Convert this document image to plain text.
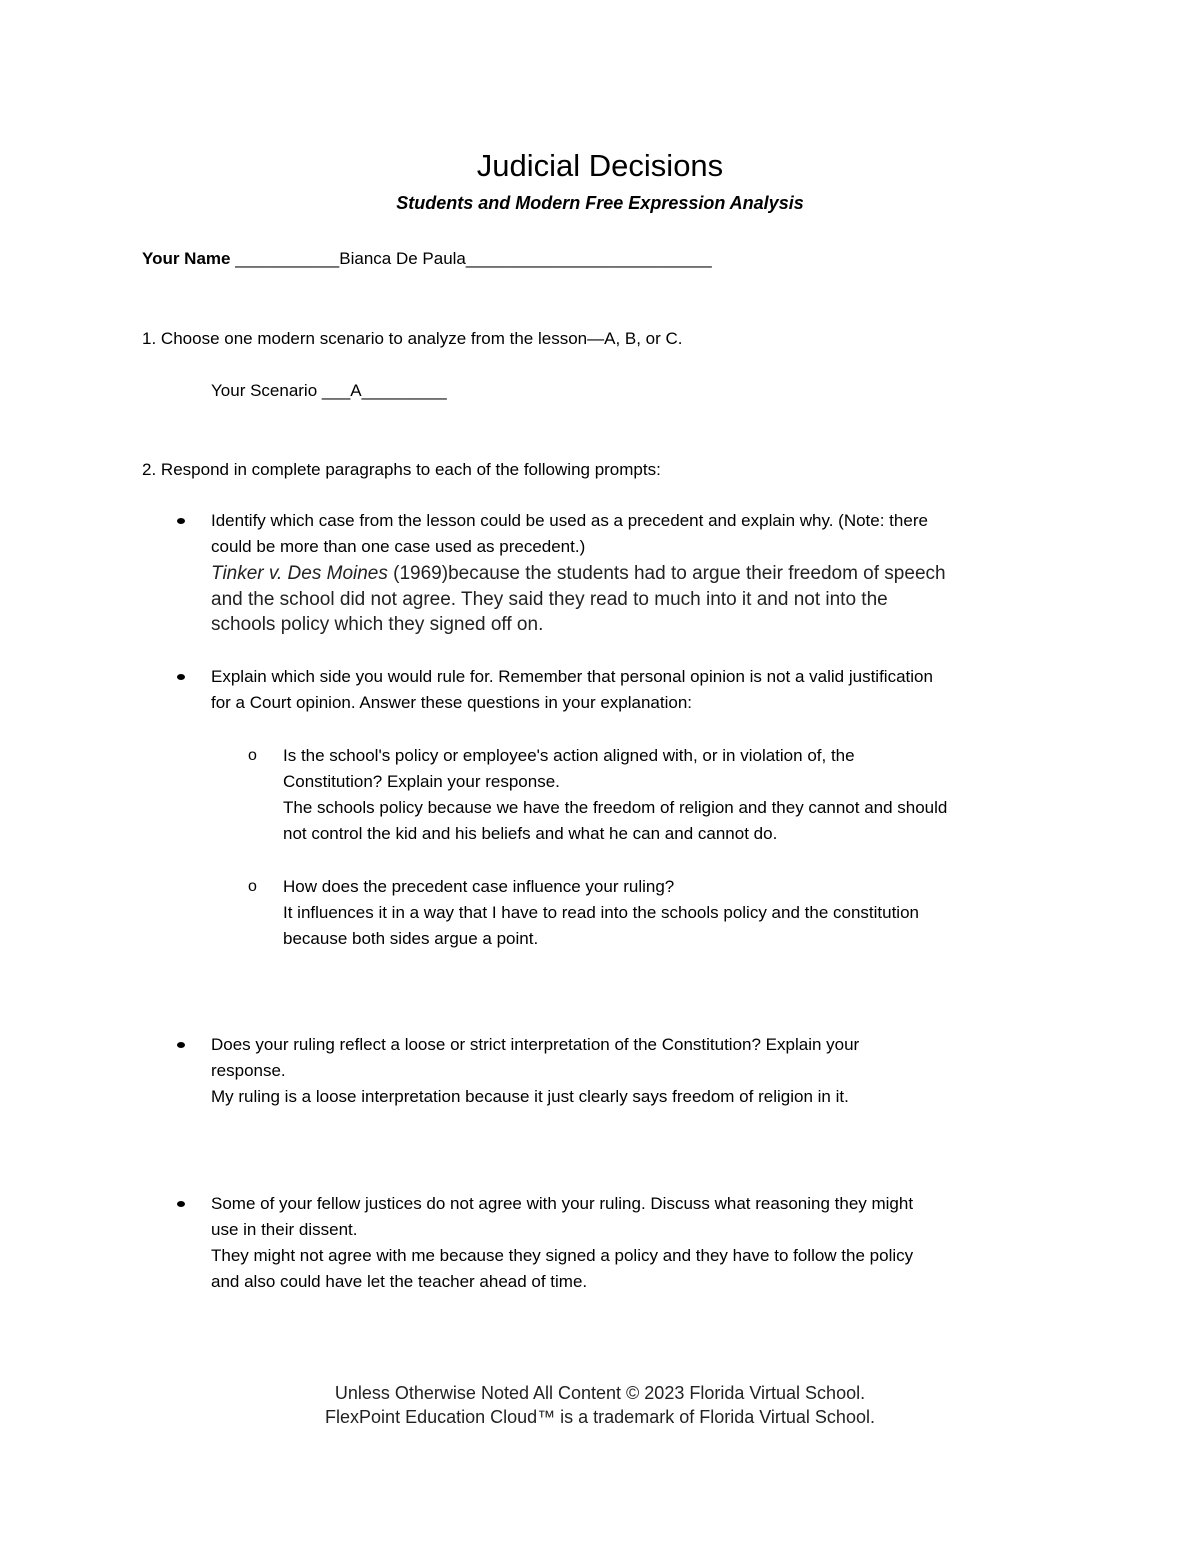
Judicial Decisions

Students and Modern Free Expression Analysis

Your Name ___________Bianca De Paula__________________________

1. Choose one modern scenario to analyze from the lesson—A, B, or C.

Your Scenario ___A_________

2. Respond in complete paragraphs to each of the following prompts:

Identify which case from the lesson could be used as a precedent and explain why. (Note: there

could be more than one case used as precedent.)

Tinker v. Des Moines (1969)because the students had to argue their freedom of speech

and the school did not agree. They said they read to much into it and not into the

schools policy which they signed off on.

Explain which side you would rule for. Remember that personal opinion is not a valid justification

for a Court opinion. Answer these questions in your explanation:

o Is the school's policy or employee's action aligned with, or in violation of, the

Constitution? Explain your response.

The schools policy because we have the freedom of religion and they cannot and should

not control the kid and his beliefs and what he can and cannot do.

o How does the precedent case influence your ruling?

It influences it in a way that I have to read into the schools policy and the constitution

because both sides argue a point.

Does your ruling reflect a loose or strict interpretation of the Constitution? Explain your

response.

My ruling is a loose interpretation because it just clearly says freedom of religion in it.

Some of your fellow justices do not agree with your ruling. Discuss what reasoning they might

use in their dissent.

They might not agree with me because they signed a policy and they have to follow the policy

and also could have let the teacher ahead of time.

Unless Otherwise Noted All Content © 2023 Florida Virtual School.

FlexPoint Education Cloud™ is a trademark of Florida Virtual School.
